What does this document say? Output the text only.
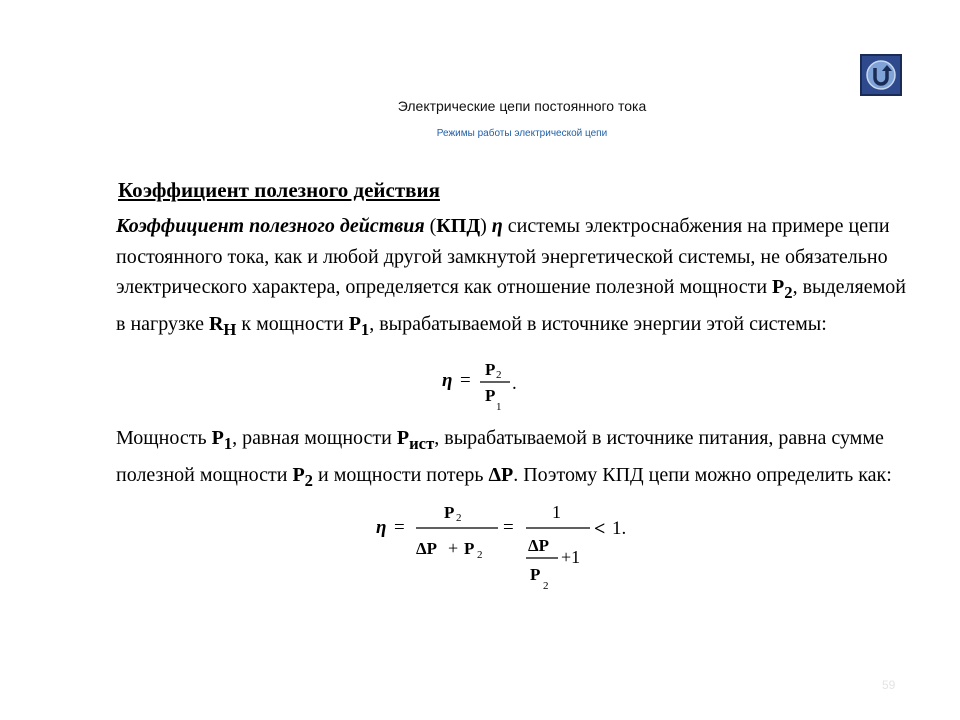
Электрические цепи постоянного тока
Режимы работы электрической цепи
Коэффициент полезного действия

Коэффициент полезного действия (КПД) η системы электроснабжения на примере цепи постоянного тока, как и любой другой замкнутой энергетической системы, не обязательно электрического характера, определяется как отношение полезной мощности $P_2$, выделяемой в нагрузке $R_Н$ к мощности $P_1$, вырабатываемой в источнике энергии этой системы:

η =
P 2
P
1
.

Мощность $P_1$, равная мощности $P_{ист}$, вырабатываемой в источнике питания, равна сумме полезной мощности $P_2$ и мощности потерь ΔP. Поэтому КПД цепи можно определить как:

η =
P 2
ΔP + P 2
=
1
ΔP
P
2
+1
< 1.
59
